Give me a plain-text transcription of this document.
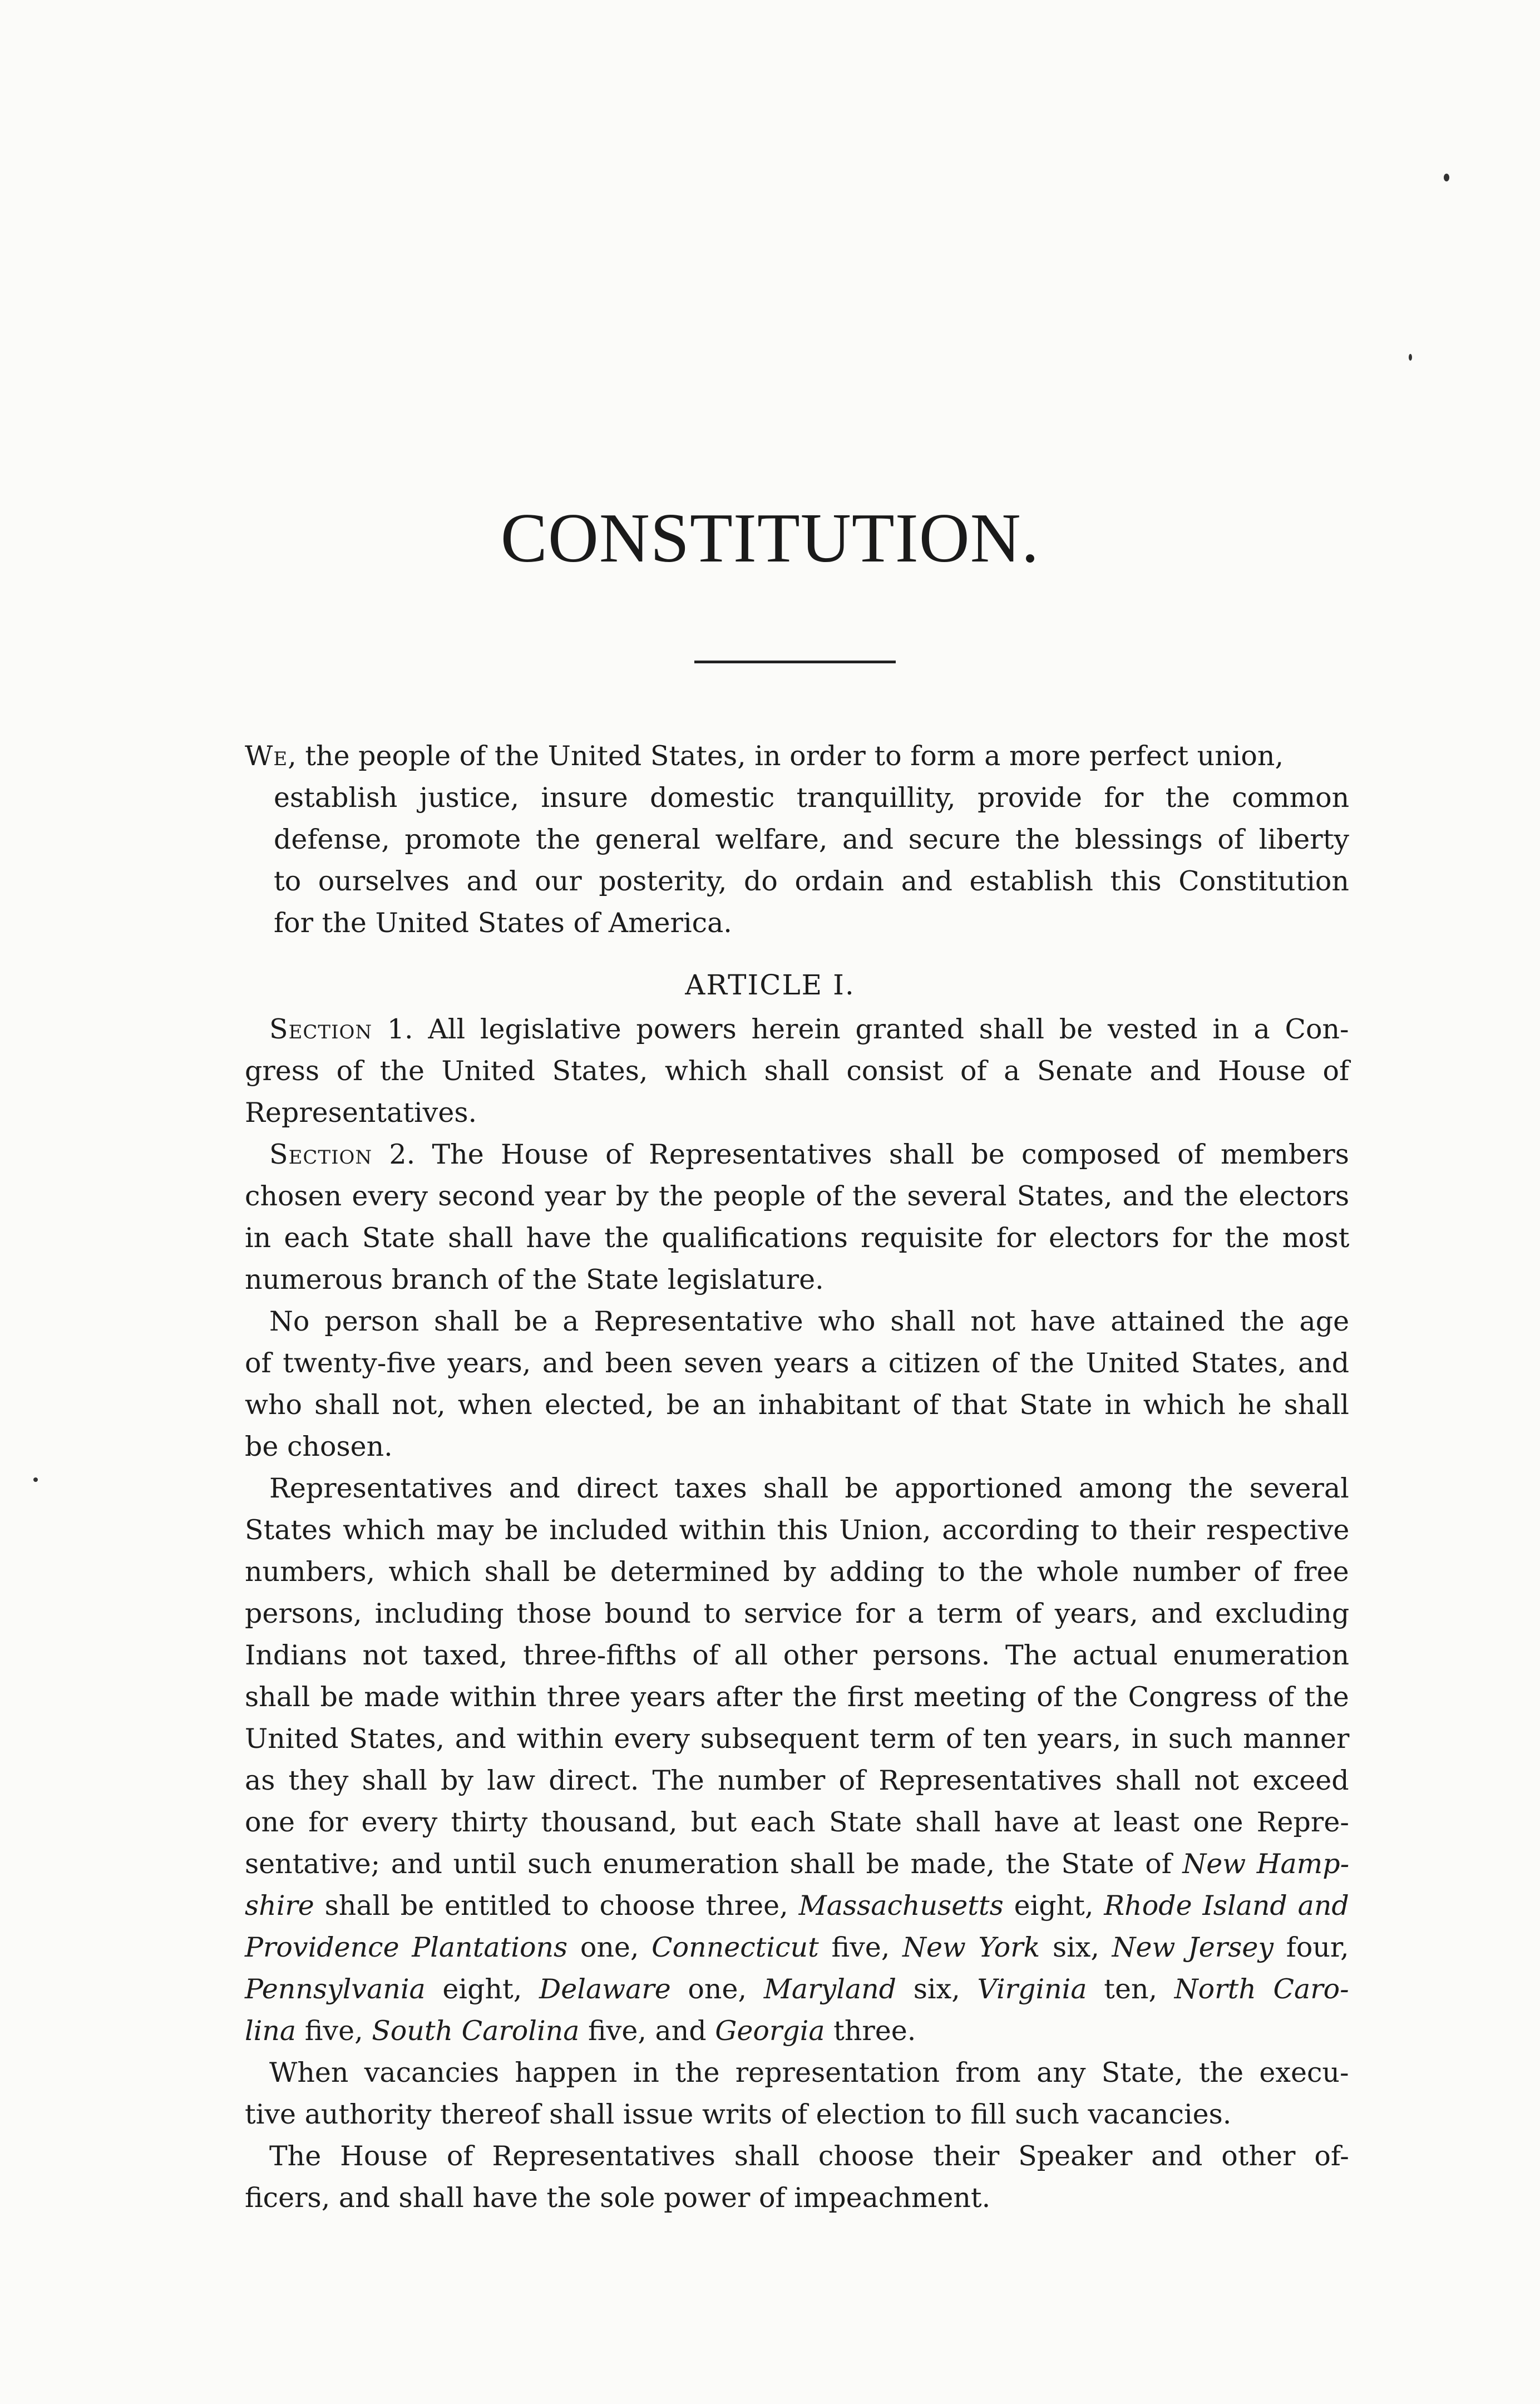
CONSTITUTION.
We, the people of the United States, in order to form a more perfect union,
establish justice, insure domestic tranquillity, provide for the common
defense, promote the general welfare, and secure the blessings of liberty
to ourselves and our posterity, do ordain and establish this Constitution
for the United States of America.
ARTICLE I.
Section 1. All legislative powers herein granted shall be vested in a Con-
gress of the United States, which shall consist of a Senate and House of
Representatives.
Section 2. The House of Representatives shall be composed of members
chosen every second year by the people of the several States, and the electors
in each State shall have the qualifications requisite for electors for the most
numerous branch of the State legislature.
No person shall be a Representative who shall not have attained the age
of twenty-five years, and been seven years a citizen of the United States, and
who shall not, when elected, be an inhabitant of that State in which he shall
be chosen.
Representatives and direct taxes shall be apportioned among the several
States which may be included within this Union, according to their respective
numbers, which shall be determined by adding to the whole number of free
persons, including those bound to service for a term of years, and excluding
Indians not taxed, three-fifths of all other persons. The actual enumeration
shall be made within three years after the first meeting of the Congress of the
United States, and within every subsequent term of ten years, in such manner
as they shall by law direct. The number of Representatives shall not exceed
one for every thirty thousand, but each State shall have at least one Repre-
sentative; and until such enumeration shall be made, the State of New Hamp-
shire shall be entitled to choose three, Massachusetts eight, Rhode Island and
Providence Plantations one, Connecticut five, New York six, New Jersey four,
Pennsylvania eight, Delaware one, Maryland six, Virginia ten, North Caro-
lina five, South Carolina five, and Georgia three.
When vacancies happen in the representation from any State, the execu-
tive authority thereof shall issue writs of election to fill such vacancies.
The House of Representatives shall choose their Speaker and other of-
ficers, and shall have the sole power of impeachment.
